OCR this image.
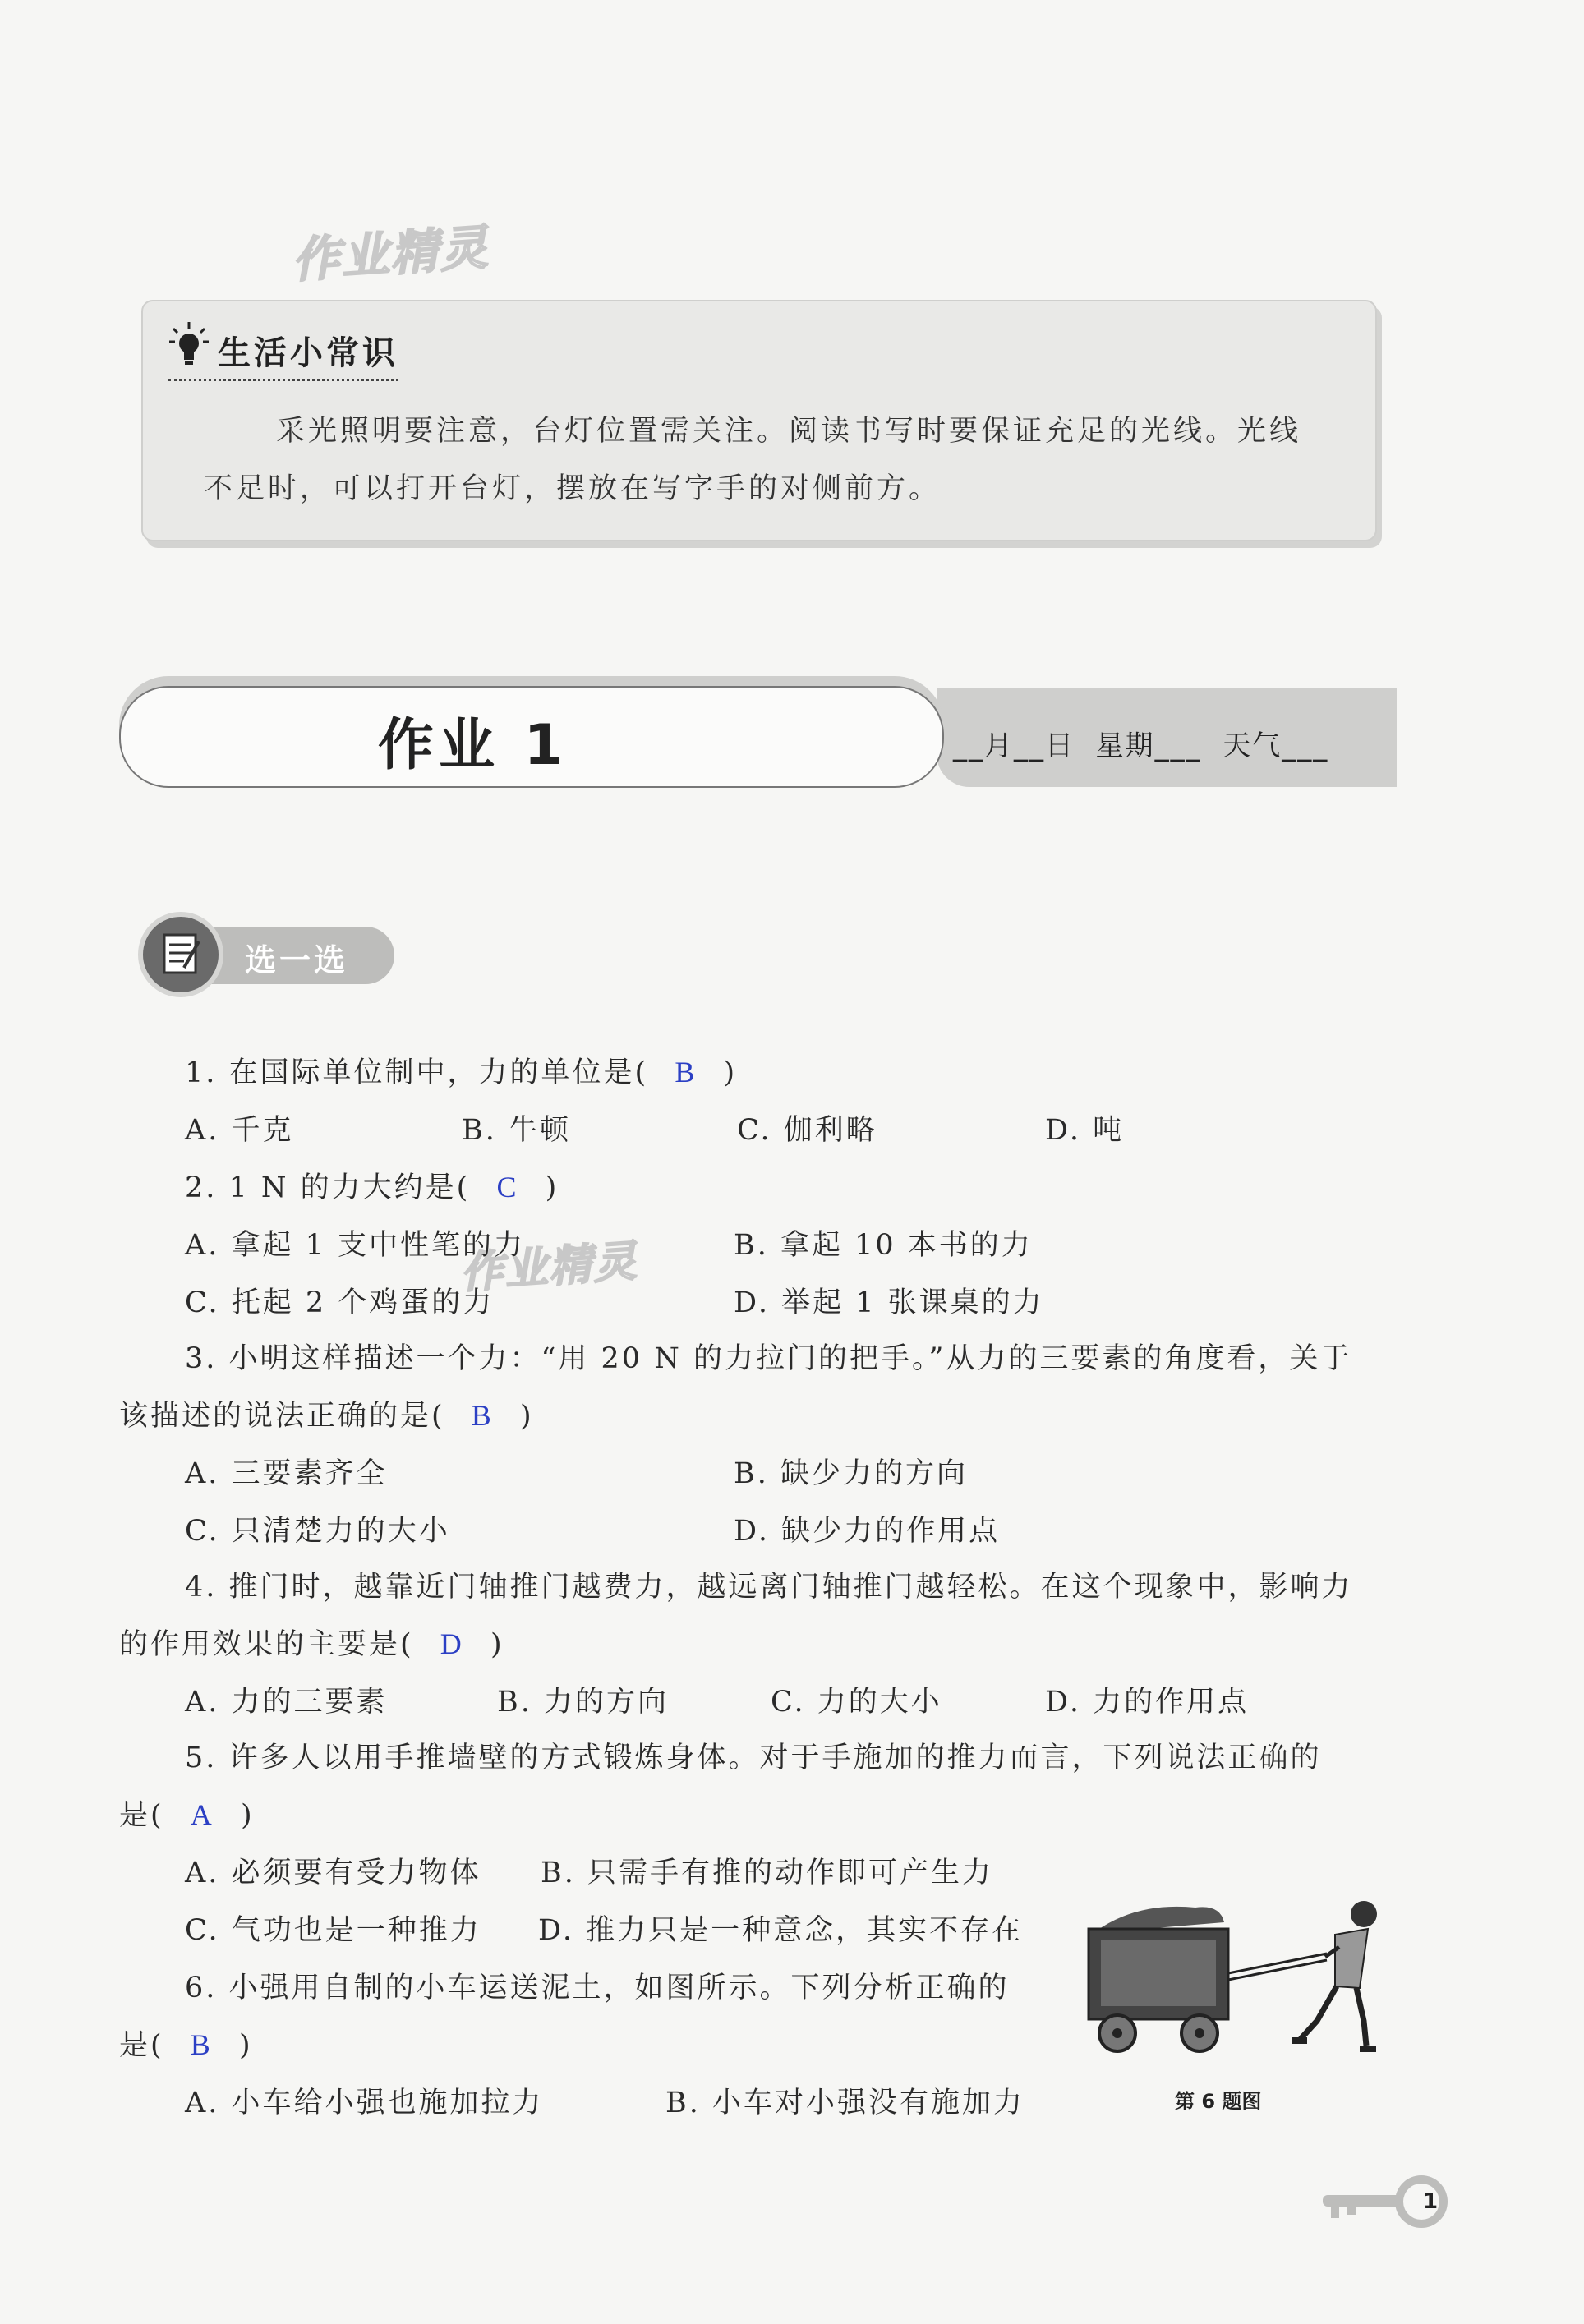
作业精灵
作业精灵
生活小常识
采光照明要注意，台灯位置需关注。阅读书写时要保证充足的光线。光线不足时，可以打开台灯，摆放在写字手的对侧前方。
作业 1	__月__日  星期___  天气___
选一选
1. 在国际单位制中，力的单位是( B )
A. 千克	B. 牛顿	C. 伽利略	D. 吨
2. 1 N 的力大约是( C )
A. 拿起 1 支中性笔的力	B. 拿起 10 本书的力
C. 托起 2 个鸡蛋的力	D. 举起 1 张课桌的力
3. 小明这样描述一个力：“用 20 N 的力拉门的把手。”从力的三要素的角度看，关于
该描述的说法正确的是( B )
A. 三要素齐全	B. 缺少力的方向
C. 只清楚力的大小	D. 缺少力的作用点
4. 推门时，越靠近门轴推门越费力，越远离门轴推门越轻松。在这个现象中，影响力
的作用效果的主要是( D )
A. 力的三要素	B. 力的方向	C. 力的大小	D. 力的作用点
5. 许多人以用手推墙壁的方式锻炼身体。对于手施加的推力而言，下列说法正确的
是( A )
A. 必须要有受力物体 B. 只需手有推的动作即可产生力
C. 气功也是一种推力 D. 推力只是一种意念，其实不存在
6. 小强用自制的小车运送泥土，如图所示。下列分析正确的
是( B )
A. 小车给小强也施加拉力	B. 小车对小强没有施加力	第 6 题图
1
